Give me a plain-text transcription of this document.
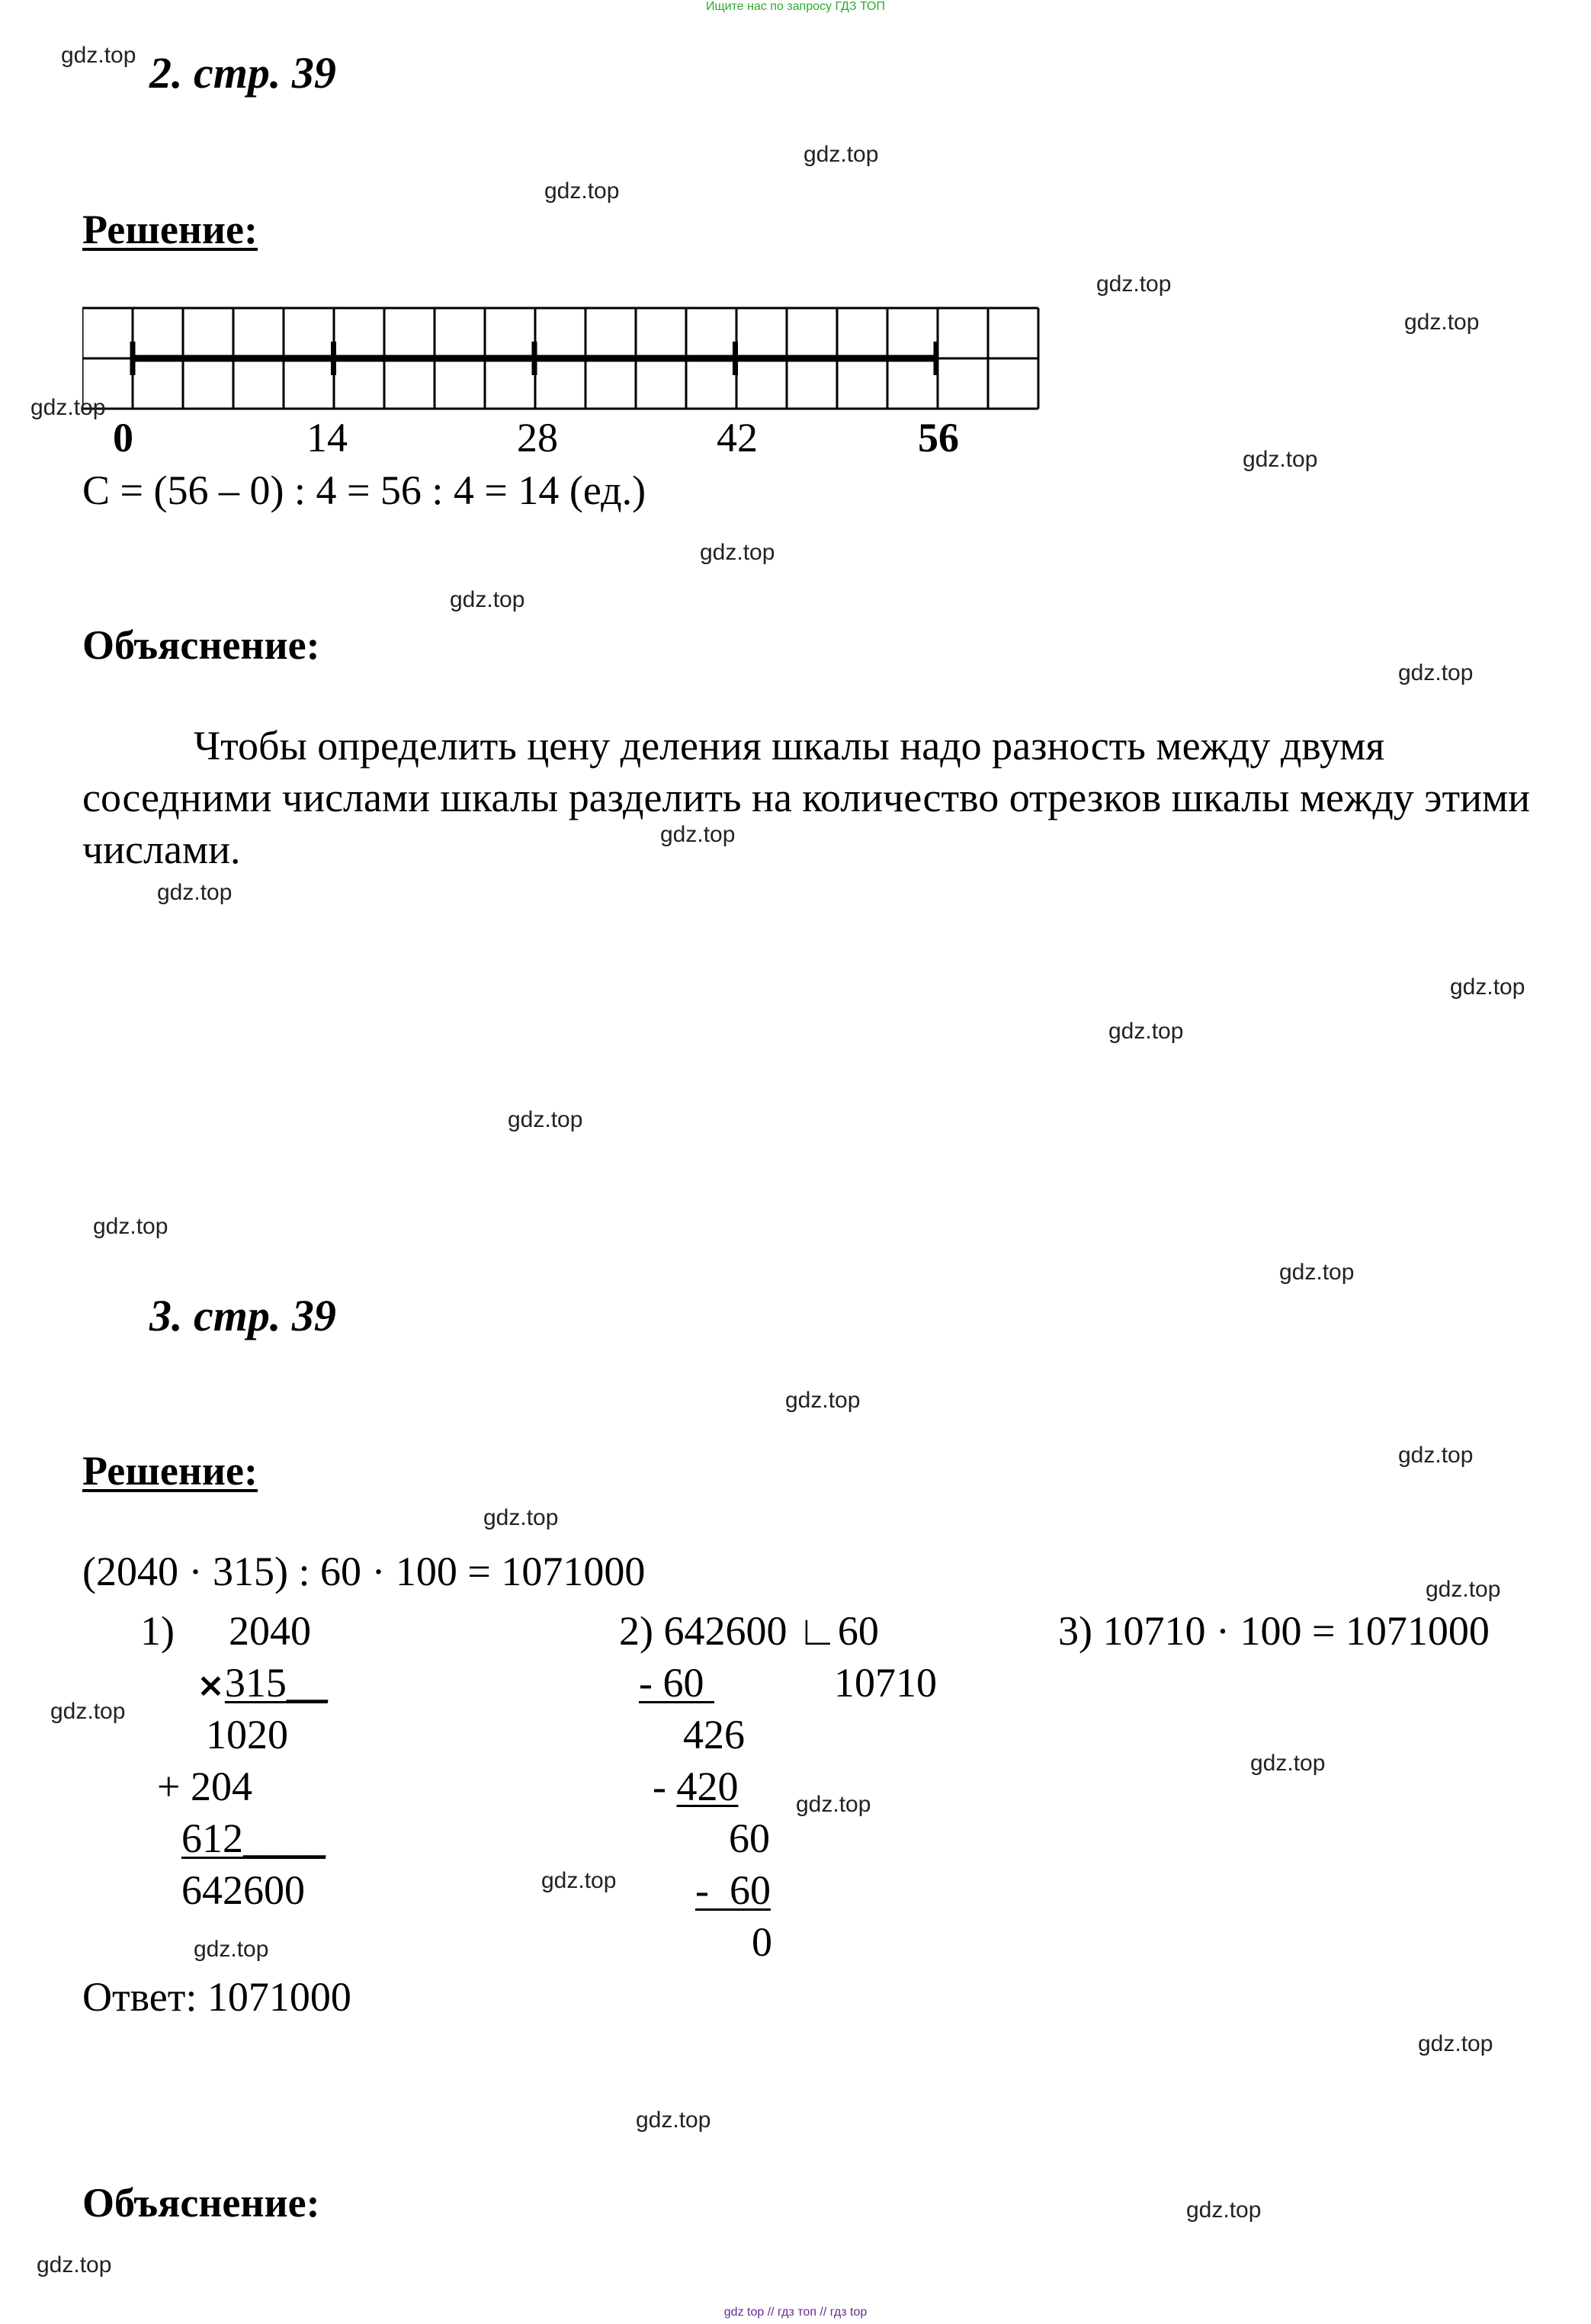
Ищите нас по запросу ГДЗ ТОП
2. стр. 39
Решение:
0	14	28	42	56
С = (56 – 0) : 4 = 56 : 4 = 14 (ед.)
Объяснение:
Чтобы определить цену деления шкалы надо разность между двумя соседними числами шкалы разделить на количество отрезков шкалы между этими числами.
3. стр. 39
Решение:
(2040 · 315) : 60 · 100 = 1071000
1) 2040
×315__
1020
+ 204
612____
642600
2) 642600 ∟60
- 60	10710
426
- 420
60
-  60
0
3) 10710 · 100 = 1071000
Ответ: 1071000
Объяснение:
gdz.top
gdz.top
gdz.top
gdz.top
gdz.top
gdz.top
gdz.top
gdz.top
gdz.top
gdz.top
gdz.top
gdz.top
gdz.top
gdz.top
gdz.top
gdz.top
gdz.top
gdz.top
gdz.top
gdz.top
gdz.top
gdz.top
gdz.top
gdz.top
gdz.top
gdz.top
gdz.top
gdz.top
gdz.top
gdz.top
gdz top // гдз топ // гдз top
